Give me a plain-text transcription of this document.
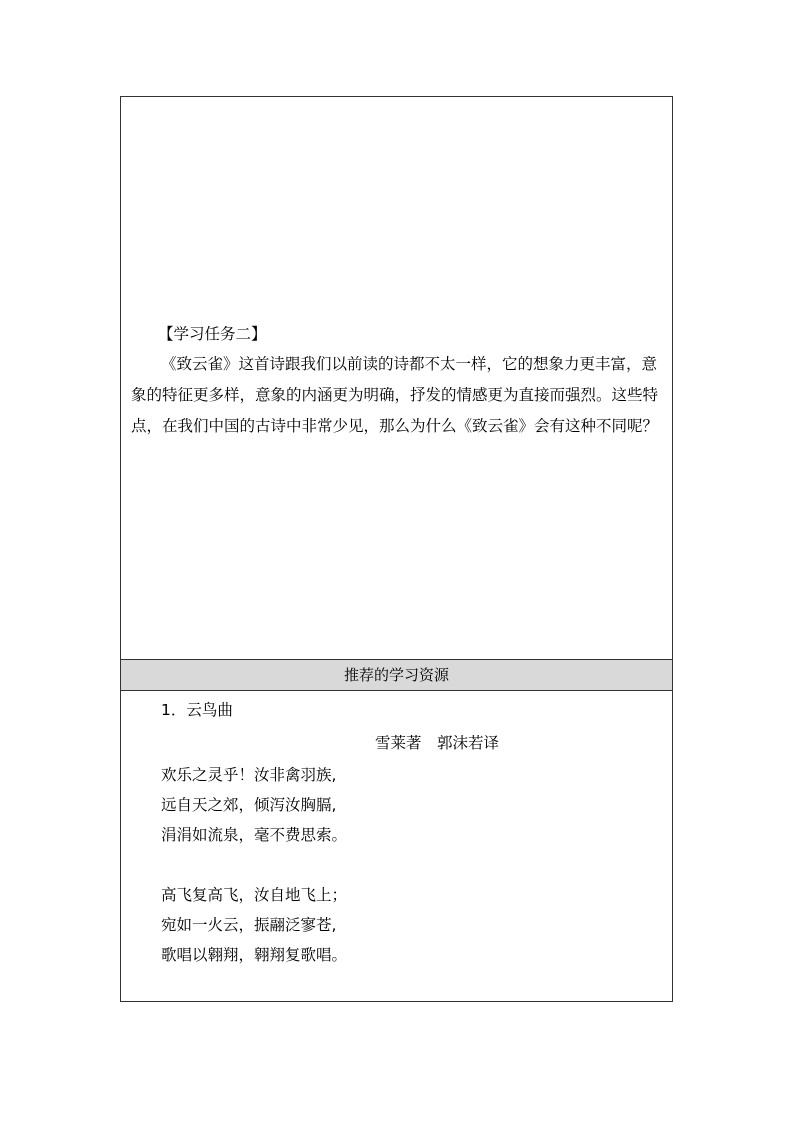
【学习任务二】
《致云雀》这首诗跟我们以前读的诗都不太一样，它的想象力更丰富，意
象的特征更多样，意象的内涵更为明确，抒发的情感更为直接而强烈。这些特
点，在我们中国的古诗中非常少见，那么为什么《致云雀》会有这种不同呢？
推荐的学习资源
1．云鸟曲
雪莱著　郭沫若译
欢乐之灵乎！汝非禽羽族,
远自天之郊，倾泻汝胸膈,
涓涓如流泉，毫不费思索。
高飞复高飞，汝自地飞上；
宛如一火云，振翮泛寥苍,
歌唱以翱翔，翱翔复歌唱。
